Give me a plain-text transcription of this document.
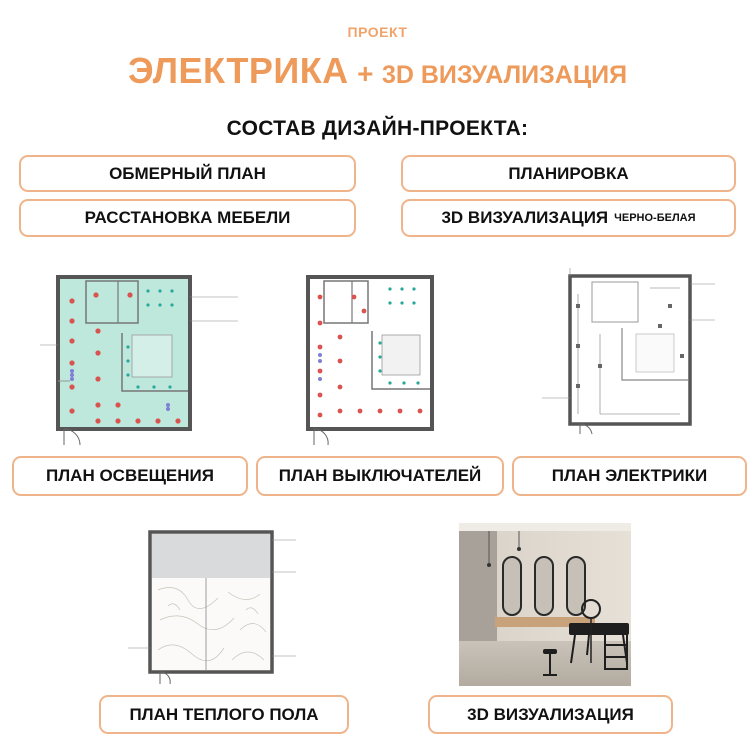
ПРОЕКТ
ЭЛЕКТРИКА + 3D ВИЗУАЛИЗАЦИЯ
СОСТАВ ДИЗАЙН-ПРОЕКТА:
ОБМЕРНЫЙ ПЛАН	ПЛАНИРОВКА
РАССТАНОВКА МЕБЕЛИ	3D ВИЗУАЛИЗАЦИЯ ЧЕРНО-БЕЛАЯ
ПЛАН ОСВЕЩЕНИЯ	ПЛАН ВЫКЛЮЧАТЕЛЕЙ	ПЛАН ЭЛЕКТРИКИ
ПЛАН ТЕПЛОГО ПОЛА	3D ВИЗУАЛИЗАЦИЯ
